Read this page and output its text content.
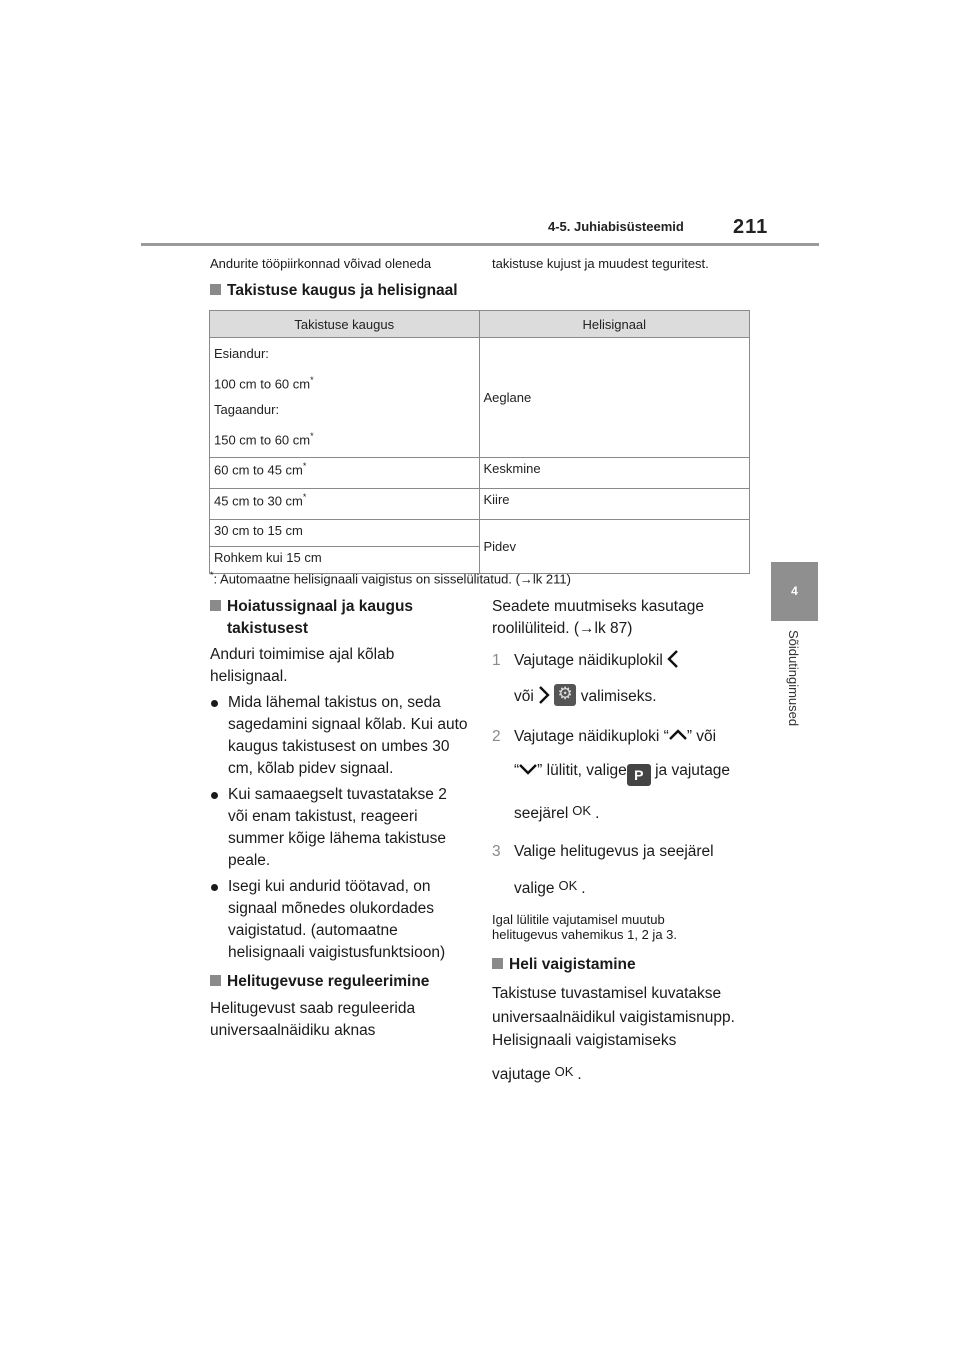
4-5. Juhiabisüsteemid 211
4
Sõidutingimused
Andurite tööpiirkonnad võivad oleneda	takistuse kujust ja muudest teguritest.
Takistuse kaugus ja helisignaal
Takistuse kaugus	Helisignaal

Esiandur:
100 cm to 60 cm*
Tagaandur:
150 cm to 60 cm*	Aeglane
60 cm to 45 cm*	Keskmine
45 cm to 30 cm*	Kiire
30 cm to 15 cm	Pidev
Rohkem kui 15 cm	
*: Automaatne helisignaali vaigistus on sisselülitatud. (→lk 211)
Hoiatussignaal ja kaugus
takistusest
Anduri toimimise ajal kõlab helisignaal.
Mida lähemal takistus on, seda sagedamini signaal kõlab. Kui auto kaugus takistusest on umbes 30 cm, kõlab pidev signaal.
Kui samaaegselt tuvastatakse 2 või enam takistust, reageeri summer kõige lähema takistuse peale.
Isegi kui andurid töötavad, on signaal mõnedes olukordades vaigistatud. (automaatne helisignaali vaigistusfunktsioon)
Helitugevuse reguleerimine
Helitugevust saab reguleerida universaalnäidiku aknas
Seadete muutmiseks kasutage roolilüliteid. (→lk 87)
1 Vajutage näidikuplokil
või ⚙	valimiseks.
2 Vajutage näidikuploki “ ” või
“ ” lülitit, valige P ja vajutage
seejärel OK .
3 Valige helitugevus ja seejärel
valige OK .
Igal lülitile vajutamisel muutub helitugevus vahemikus 1, 2 ja 3.
Heli vaigistamine
Takistuse tuvastamisel kuvatakse universaalnäidikul vaigistamisnupp. Helisignaali vaigistamiseks
vajutage OK .
